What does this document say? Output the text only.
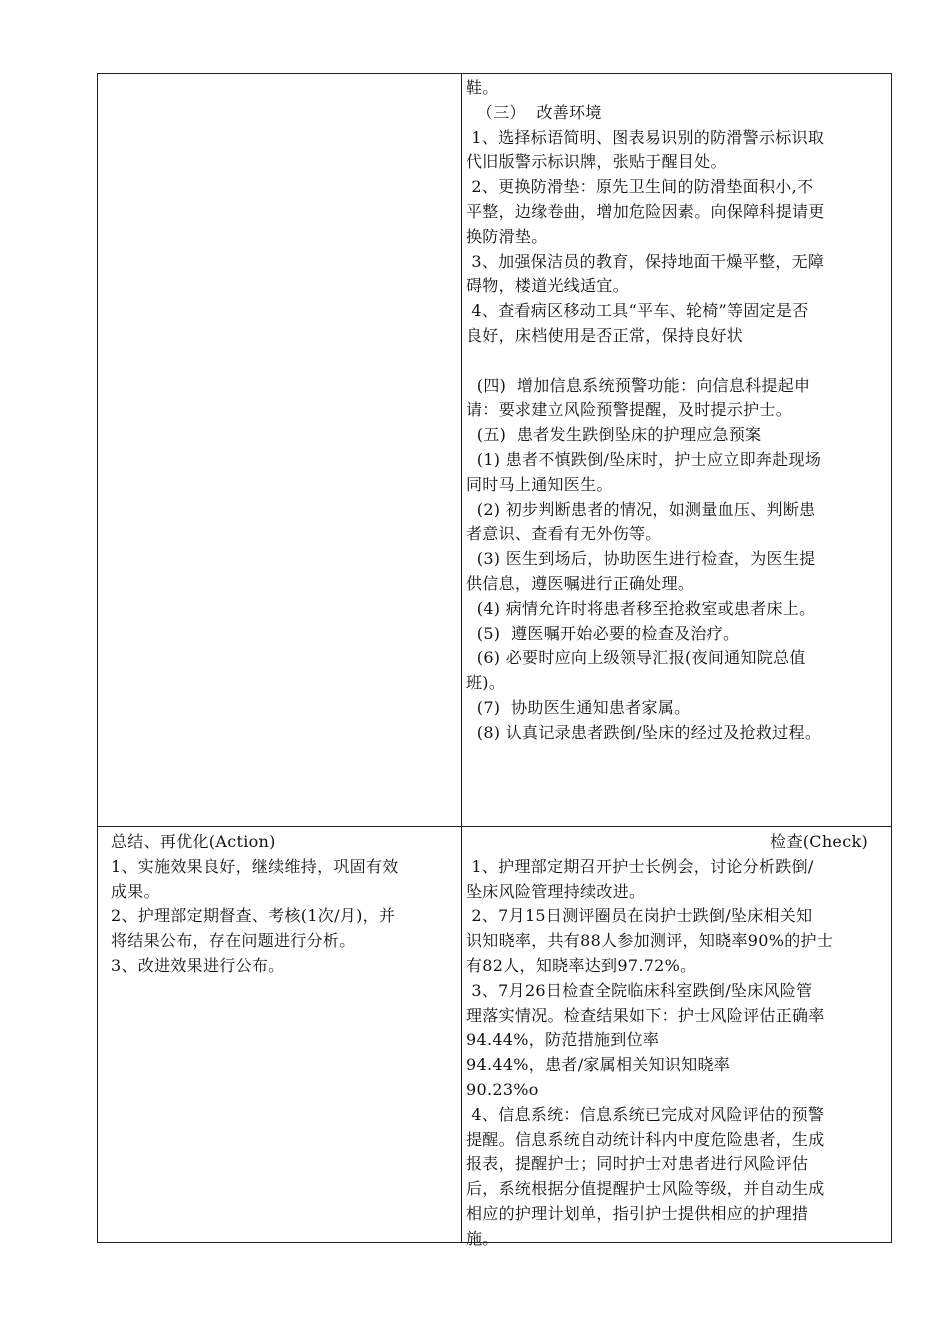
鞋。

（三）  改善环境

1、选择标语简明、图表易识别的防滑警示标识取

代旧版警示标识牌，张贴于醒目处。

2、更换防滑垫：原先卫生间的防滑垫面积小,不

平整，边缘卷曲，增加危险因素。向保障科提请更

换防滑垫。

3、加强保洁员的教育，保持地面干燥平整，无障

碍物，楼道光线适宜。

4、查看病区移动工具“平车、轮椅”等固定是否

良好，床档使用是否正常，保持良好状

(四)  增加信息系统预警功能：向信息科提起申

请：要求建立风险预警提醒，及时提示护士。

(五)  患者发生跌倒坠床的护理应急预案

(1) 患者不慎跌倒/坠床时，护士应立即奔赴现场

同时马上通知医生。

(2) 初步判断患者的情况，如测量血压、判断患

者意识、查看有无外伤等。

(3) 医生到场后，协助医生进行检查，为医生提

供信息，遵医嘱进行正确处理。

(4) 病情允许时将患者移至抢救室或患者床上。

(5)  遵医嘱开始必要的检查及治疗。

(6) 必要时应向上级领导汇报(夜间通知院总值

班)。

(7)  协助医生通知患者家属。

(8) 认真记录患者跌倒/坠床的经过及抢救过程。

总结、再优化(Action)

1、实施效果良好，继续维持，巩固有效

成果。

2、护理部定期督查、考核(1次/月)，并

将结果公布，存在问题进行分析。

3、改进效果进行公布。

检查(Check)

1、护理部定期召开护士长例会，讨论分析跌倒/

坠床风险管理持续改进。

2、7月15日测评圈员在岗护士跌倒/坠床相关知

识知晓率，共有88人参加测评，知晓率90%的护士

有82人，知晓率达到97.72%。

3、7月26日检查全院临床科室跌倒/坠床风险管

理落实情况。检查结果如下：护士风险评估正确率

94.44%，防范措施到位率

94.44%，患者/家属相关知识知晓率

90.23%o

4、信息系统：信息系统已完成对风险评估的预警

提醒。信息系统自动统计科内中度危险患者，生成

报表，提醒护士；同时护士对患者进行风险评估

后，系统根据分值提醒护士风险等级，并自动生成

相应的护理计划单，指引护士提供相应的护理措

施。
